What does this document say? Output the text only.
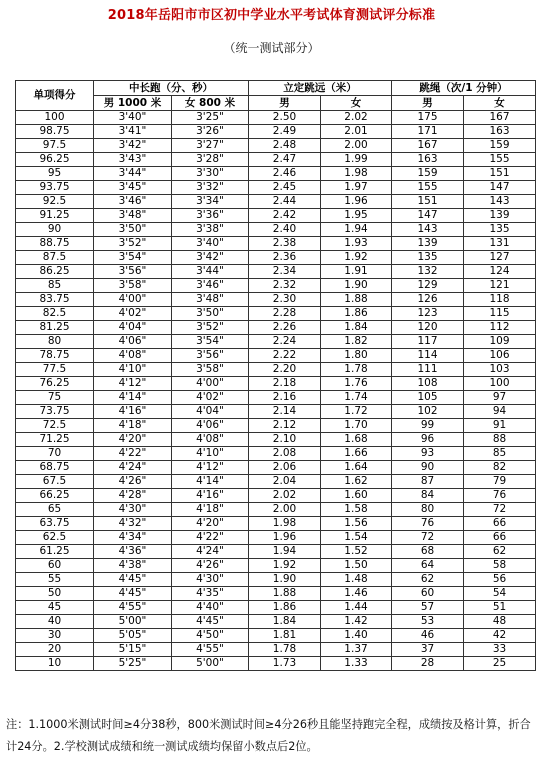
2018年岳阳市市区初中学业水平考试体育测试评分标准
（统一测试部分）
单项得分	中长跑（分、秒）		立定跳远（米）		跳绳（次/1 分钟）	
	男 1000 米	女 800 米	男	女	男	女
100	3'40"	3'25"	2.50	2.02	175	167
98.75	3'41"	3'26"	2.49	2.01	171	163
97.5	3'42"	3'27"	2.48	2.00	167	159
96.25	3'43"	3'28"	2.47	1.99	163	155
95	3'44"	3'30"	2.46	1.98	159	151
93.75	3'45"	3'32"	2.45	1.97	155	147
92.5	3'46"	3'34"	2.44	1.96	151	143
91.25	3'48"	3'36"	2.42	1.95	147	139
90	3'50"	3'38"	2.40	1.94	143	135
88.75	3'52"	3'40"	2.38	1.93	139	131
87.5	3'54"	3'42"	2.36	1.92	135	127
86.25	3'56"	3'44"	2.34	1.91	132	124
85	3'58"	3'46"	2.32	1.90	129	121
83.75	4'00"	3'48"	2.30	1.88	126	118
82.5	4'02"	3'50"	2.28	1.86	123	115
81.25	4'04"	3'52"	2.26	1.84	120	112
80	4'06"	3'54"	2.24	1.82	117	109
78.75	4'08"	3'56"	2.22	1.80	114	106
77.5	4'10"	3'58"	2.20	1.78	111	103
76.25	4'12"	4'00"	2.18	1.76	108	100
75	4'14"	4'02"	2.16	1.74	105	97
73.75	4'16"	4'04"	2.14	1.72	102	94
72.5	4'18"	4'06"	2.12	1.70	99	91
71.25	4'20"	4'08"	2.10	1.68	96	88
70	4'22"	4'10"	2.08	1.66	93	85
68.75	4'24"	4'12"	2.06	1.64	90	82
67.5	4'26"	4'14"	2.04	1.62	87	79
66.25	4'28"	4'16"	2.02	1.60	84	76
65	4'30"	4'18"	2.00	1.58	80	72
63.75	4'32"	4'20"	1.98	1.56	76	66
62.5	4'34"	4'22"	1.96	1.54	72	66
61.25	4'36"	4'24"	1.94	1.52	68	62
60	4'38"	4'26"	1.92	1.50	64	58
55	4'45"	4'30"	1.90	1.48	62	56
50	4'45"	4'35"	1.88	1.46	60	54
45	4'55"	4'40"	1.86	1.44	57	51
40	5'00"	4'45"	1.84	1.42	53	48
30	5'05"	4'50"	1.81	1.40	46	42
20	5'15"	4'55"	1.78	1.37	37	33
10	5'25"	5'00"	1.73	1.33	28	25
注：1.1000米测试时间≥4分38秒，800米测试时间≥4分26秒且能坚持跑完全程，成绩按及格计算，折合计24分。2.学校测试成绩和统一测试成绩均保留小数点后2位。
